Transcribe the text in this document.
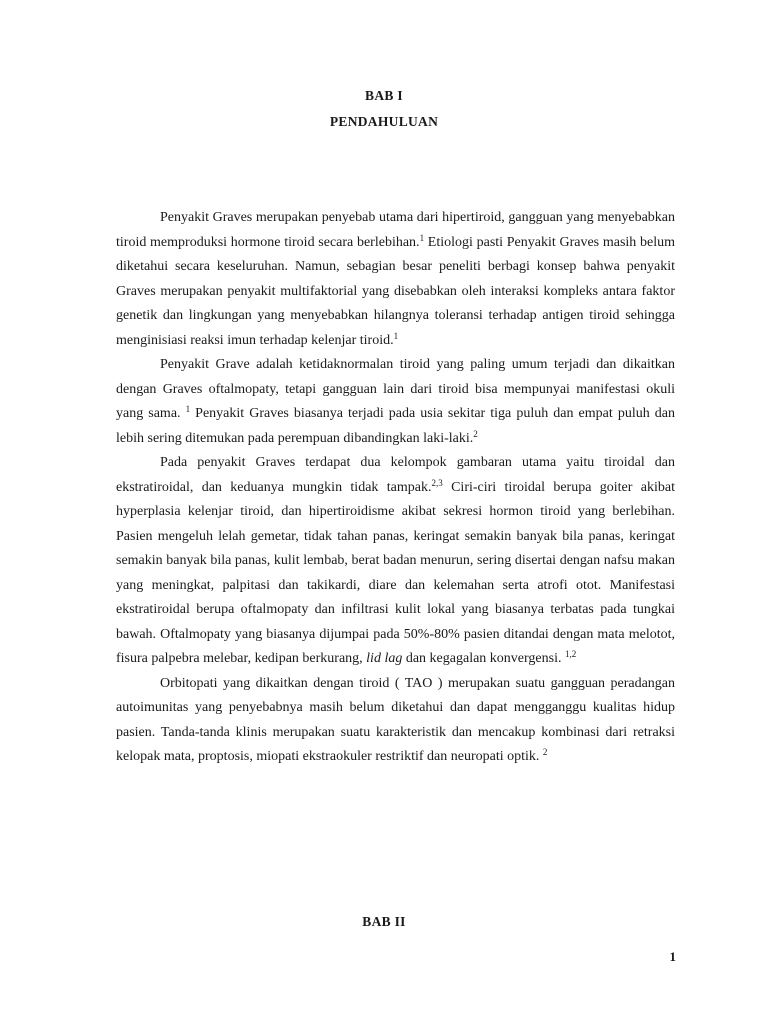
BAB I
PENDAHULUAN

Penyakit Graves merupakan penyebab utama dari hipertiroid, gangguan yang menyebabkan tiroid memproduksi hormone tiroid secara berlebihan.$^1$ Etiologi pasti Penyakit Graves masih belum diketahui secara keseluruhan. Namun, sebagian besar peneliti berbagi konsep bahwa penyakit Graves merupakan penyakit multifaktorial yang disebabkan oleh interaksi kompleks antara faktor genetik dan lingkungan yang menyebabkan hilangnya toleransi terhadap antigen tiroid sehingga menginisiasi reaksi imun terhadap kelenjar tiroid.$^1$

Penyakit Grave adalah ketidaknormalan tiroid yang paling umum terjadi dan dikaitkan dengan Graves oftalmopaty, tetapi gangguan lain dari tiroid bisa mempunyai manifestasi okuli yang sama. $^1$ Penyakit Graves biasanya terjadi pada usia sekitar tiga puluh dan empat puluh dan lebih sering ditemukan pada perempuan dibandingkan laki-laki.$^2$

Pada penyakit Graves terdapat dua kelompok gambaran utama yaitu tiroidal dan ekstratiroidal, dan keduanya mungkin tidak tampak.$^{2,3}$ Ciri-ciri tiroidal berupa goiter akibat hyperplasia kelenjar tiroid, dan hipertiroidisme akibat sekresi hormon tiroid yang berlebihan. Pasien mengeluh lelah gemetar, tidak tahan panas, keringat semakin banyak bila panas, keringat semakin banyak bila panas, kulit lembab, berat badan menurun, sering disertai dengan nafsu makan yang meningkat, palpitasi dan takikardi, diare dan kelemahan serta atrofi otot. Manifestasi ekstratiroidal berupa oftalmopaty dan infiltrasi kulit lokal yang biasanya terbatas pada tungkai bawah. Oftalmopaty yang biasanya dijumpai pada 50%-80% pasien ditandai dengan mata melotot, fisura palpebra melebar, kedipan berkurang, lid lag dan kegagalan konvergensi. $^{1,2}$

Orbitopati yang dikaitkan dengan tiroid ( TAO ) merupakan suatu gangguan peradangan autoimunitas yang penyebabnya masih belum diketahui dan dapat mengganggu kualitas hidup pasien. Tanda-tanda klinis merupakan suatu karakteristik dan mencakup kombinasi dari retraksi kelopak mata, proptosis, miopati ekstraokuler restriktif dan neuropati optik. $^2$

BAB II
1
